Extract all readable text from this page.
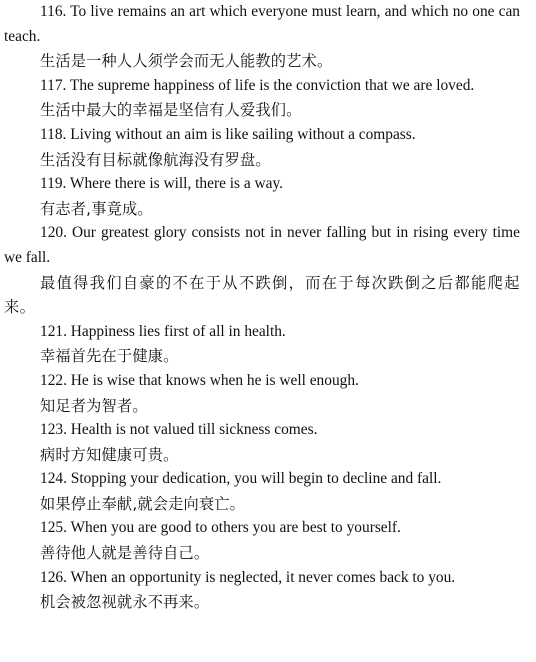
116. To live remains an art which everyone must learn, and which no one can teach.

生活是一种人人须学会而无人能教的艺术。

117. The supreme happiness of life is the conviction that we are loved.

生活中最大的幸福是坚信有人爱我们。

118. Living without an aim is like sailing without a compass.

生活没有目标就像航海没有罗盘。

119. Where there is will, there is a way.

有志者,事竟成。

120. Our greatest glory consists not in never falling but in rising every time we fall.

最值得我们自豪的不在于从不跌倒，而在于每次跌倒之后都能爬起来。

121. Happiness lies first of all in health.

幸福首先在于健康。

122. He is wise that knows when he is well enough.

知足者为智者。

123. Health is not valued till sickness comes.

病时方知健康可贵。

124. Stopping your dedication, you will begin to decline and fall.

如果停止奉献,就会走向衰亡。

125. When you are good to others you are best to yourself.

善待他人就是善待自己。

126. When an opportunity is neglected, it never comes back to you.

机会被忽视就永不再来。
